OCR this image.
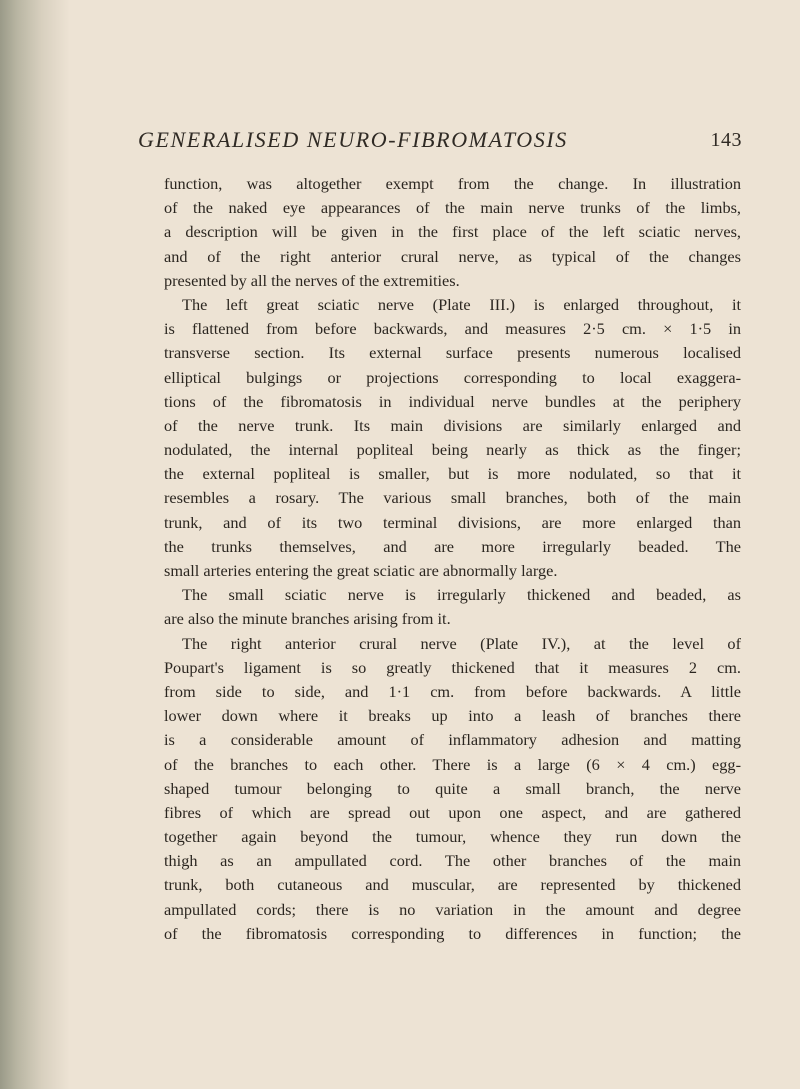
GENERALISED NEURO-FIBROMATOSIS	143
function, was altogether exempt from the change. In illustration
of the naked eye appearances of the main nerve trunks of the limbs,
a description will be given in the first place of the left sciatic nerves,
and of the right anterior crural nerve, as typical of the changes
presented by all the nerves of the extremities.
The left great sciatic nerve (Plate III.) is enlarged throughout, it
is flattened from before backwards, and measures 2·5 cm. × 1·5 in
transverse section. Its external surface presents numerous localised
elliptical bulgings or projections corresponding to local exaggera-
tions of the fibromatosis in individual nerve bundles at the periphery
of the nerve trunk. Its main divisions are similarly enlarged and
nodulated, the internal popliteal being nearly as thick as the finger;
the external popliteal is smaller, but is more nodulated, so that it
resembles a rosary. The various small branches, both of the main
trunk, and of its two terminal divisions, are more enlarged than
the trunks themselves, and are more irregularly beaded. The
small arteries entering the great sciatic are abnormally large.
The small sciatic nerve is irregularly thickened and beaded, as
are also the minute branches arising from it.
The right anterior crural nerve (Plate IV.), at the level of
Poupart's ligament is so greatly thickened that it measures 2 cm.
from side to side, and 1·1 cm. from before backwards. A little
lower down where it breaks up into a leash of branches there
is a considerable amount of inflammatory adhesion and matting
of the branches to each other. There is a large (6 × 4 cm.) egg-
shaped tumour belonging to quite a small branch, the nerve
fibres of which are spread out upon one aspect, and are gathered
together again beyond the tumour, whence they run down the
thigh as an ampullated cord. The other branches of the main
trunk, both cutaneous and muscular, are represented by thickened
ampullated cords; there is no variation in the amount and degree
of the fibromatosis corresponding to differences in function; the
